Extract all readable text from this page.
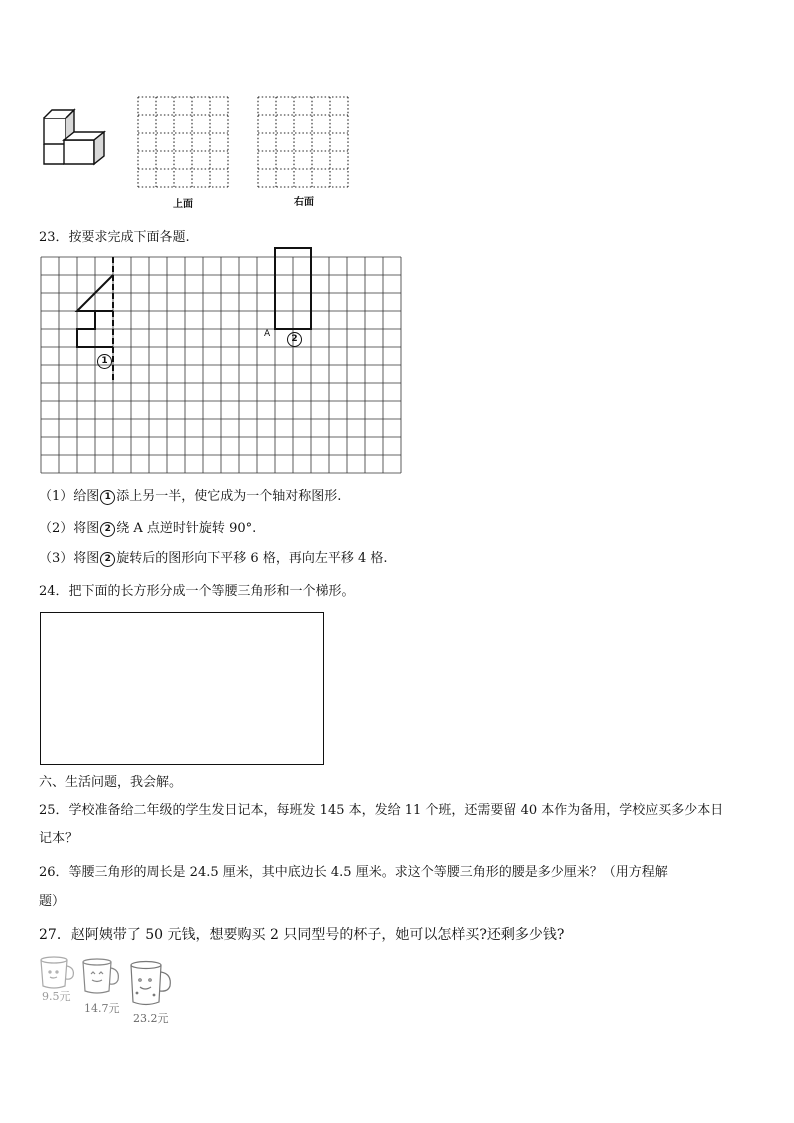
上面	右面
23．按要求完成下面各题.
1
2
A
（1）给图 1 添上另一半，使它成为一个轴对称图形.
（2）将图 2 绕 A 点逆时针旋转 90°.
（3）将图 2 旋转后的图形向下平移 6 格，再向左平移 4 格.
24．把下面的长方形分成一个等腰三角形和一个梯形。
六、生活问题，我会解。
25．学校准备给二年级的学生发日记本，每班发 145 本，发给 11 个班，还需要留 40 本作为备用，学校应买多少本日
记本？
26．等腰三角形的周长是 24.5 厘米，其中底边长 4.5 厘米。求这个等腰三角形的腰是多少厘米？（用方程解
题）
27．赵阿姨带了 50 元钱，想要购买 2 只同型号的杯子，她可以怎样买?还剩多少钱?
9.5元
14.7元
23.2元
